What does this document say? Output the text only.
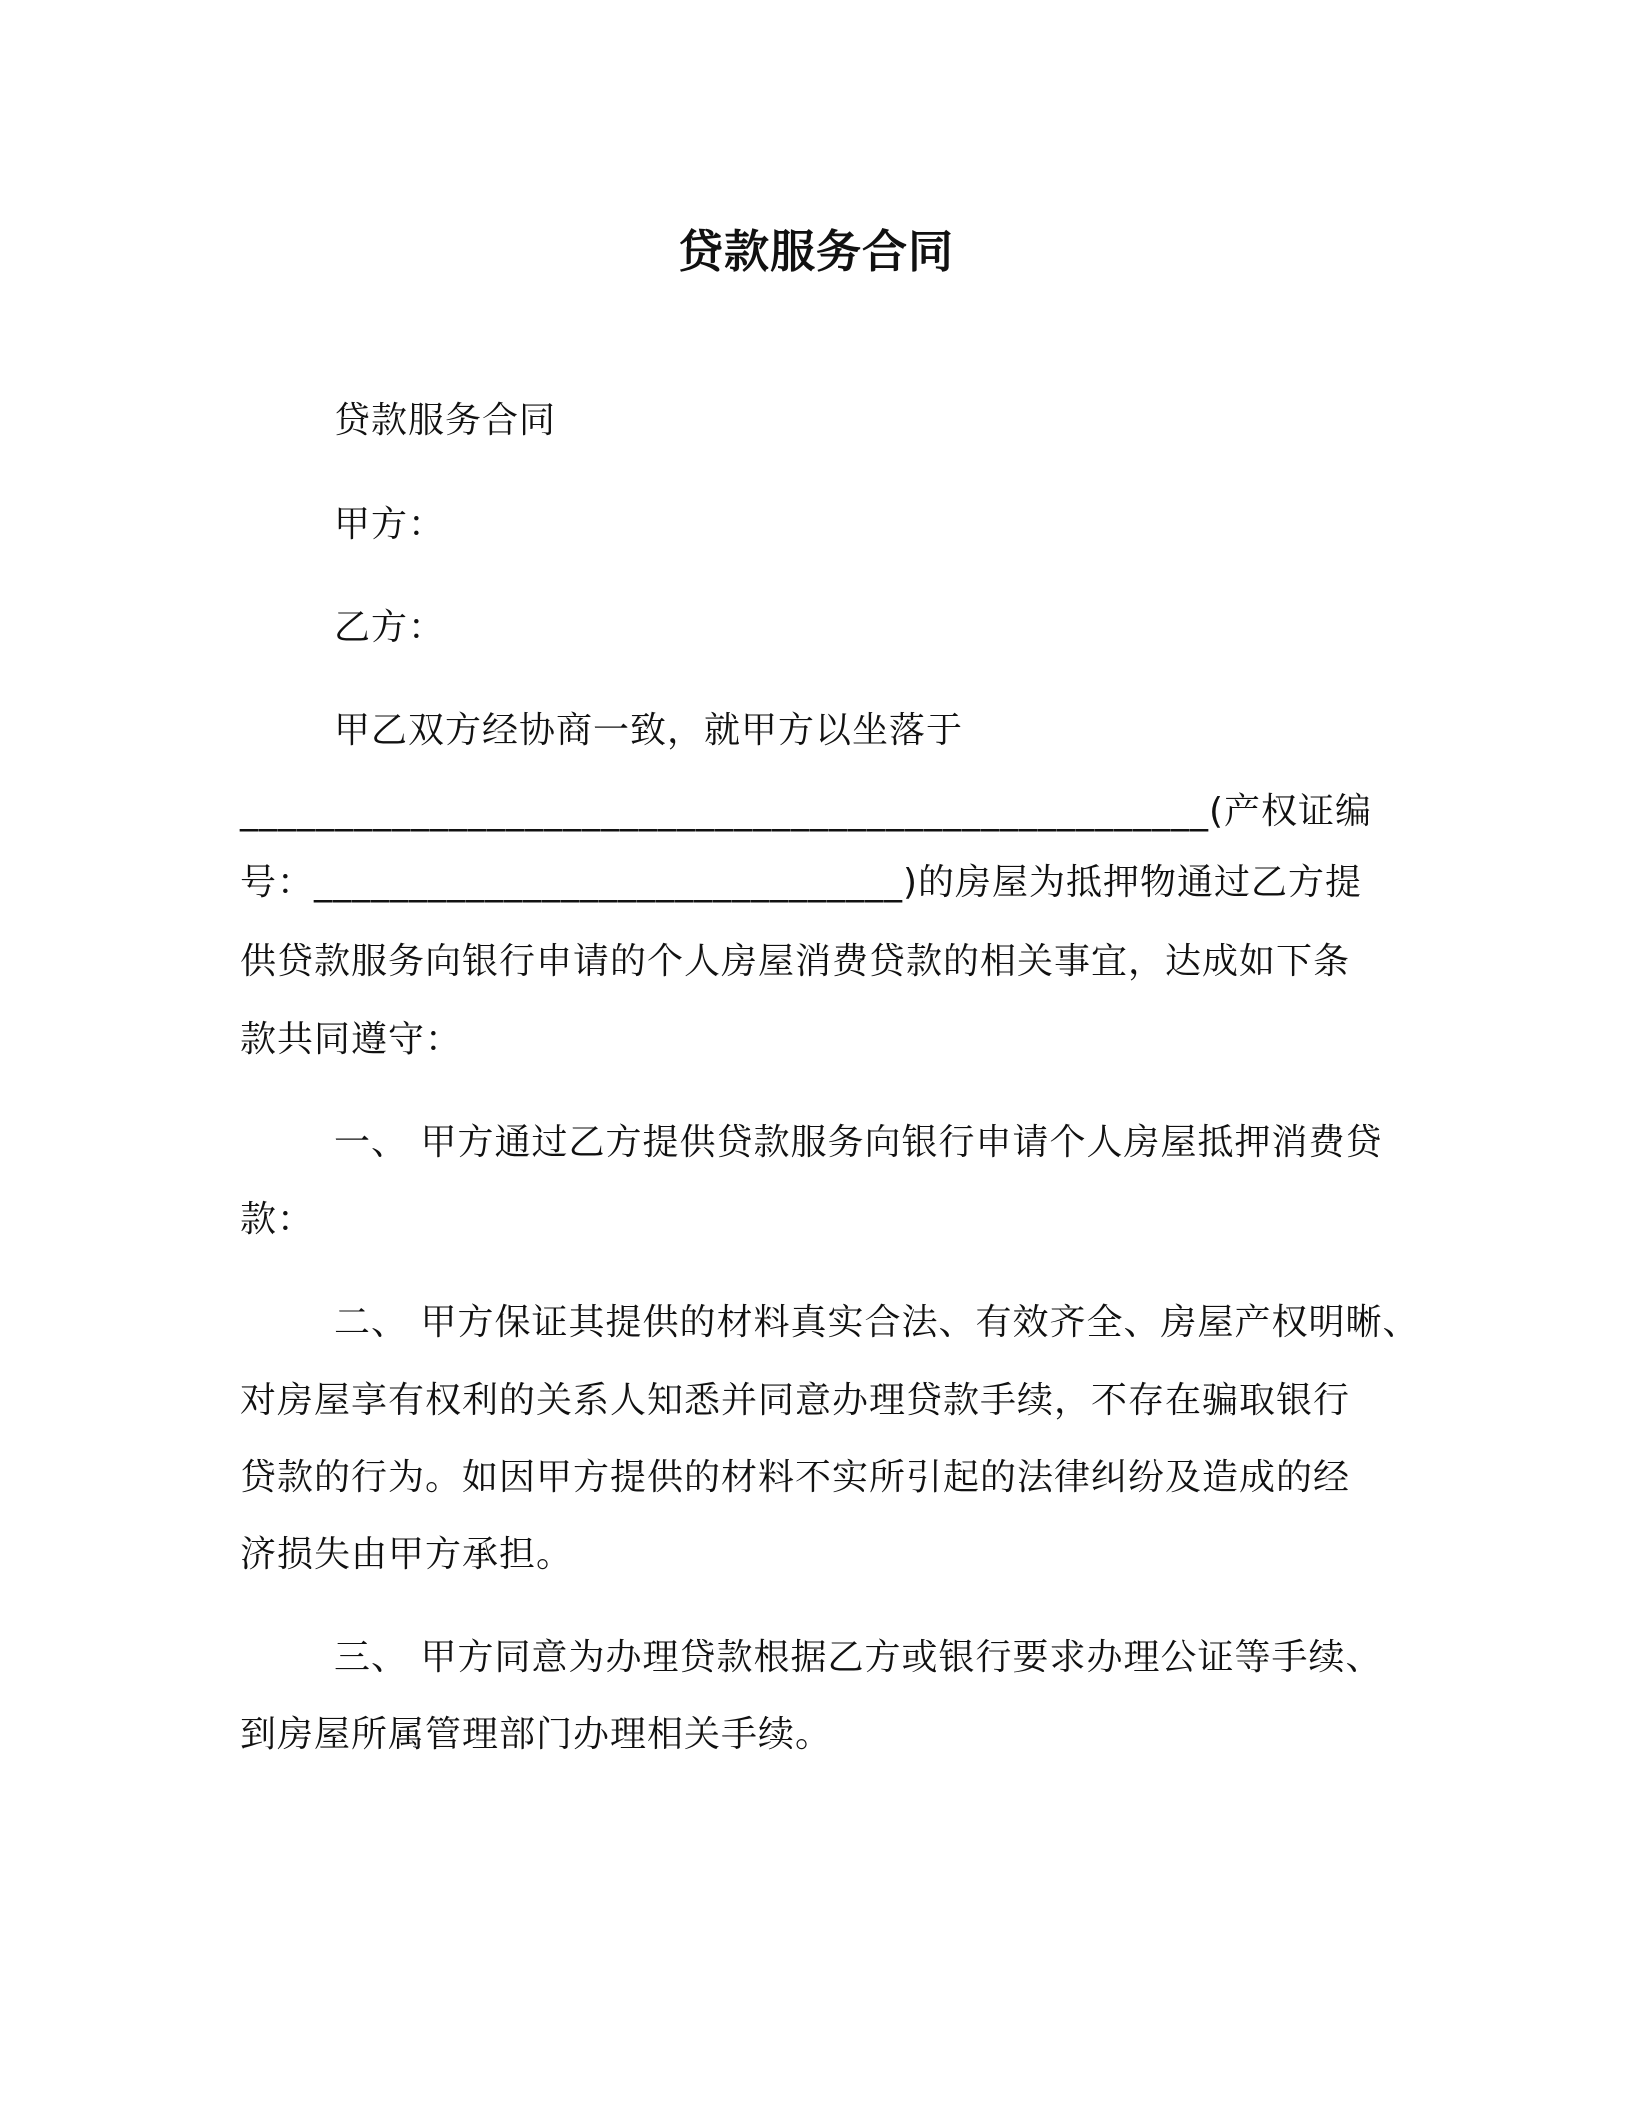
贷款服务合同
贷款服务合同
甲方：
乙方：
甲乙双方经协商一致，就甲方以坐落于
___________________________________________________(产权证编
号：_______________________________)的房屋为抵押物通过乙方提
供贷款服务向银行申请的个人房屋消费贷款的相关事宜，达成如下条
款共同遵守：
一、 甲方通过乙方提供贷款服务向银行申请个人房屋抵押消费贷
款：
二、 甲方保证其提供的材料真实合法、有效齐全、房屋产权明晰、
对房屋享有权利的关系人知悉并同意办理贷款手续，不存在骗取银行
贷款的行为。如因甲方提供的材料不实所引起的法律纠纷及造成的经
济损失由甲方承担。
三、 甲方同意为办理贷款根据乙方或银行要求办理公证等手续、
到房屋所属管理部门办理相关手续。
